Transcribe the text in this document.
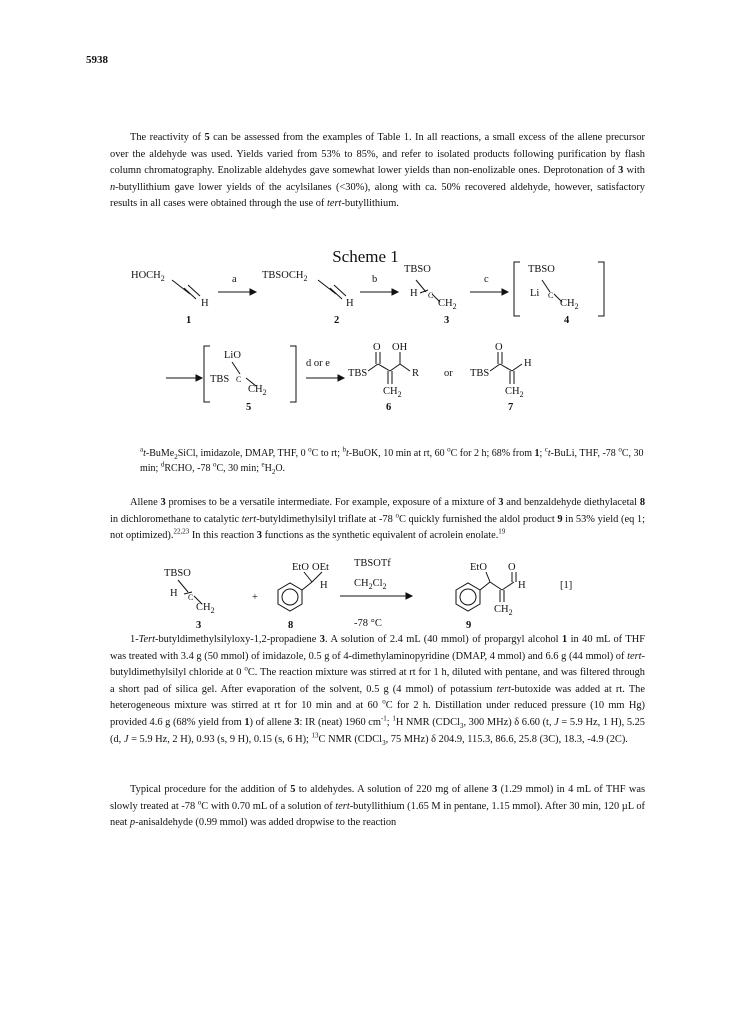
5938

The reactivity of 5 can be assessed from the examples of Table 1. In all reactions, a small excess of the allene precursor over the aldehyde was used. Yields varied from 53% to 85%, and refer to isolated products following purification by flash column chromatography. Enolizable aldehydes gave somewhat lower yields than non-enolizable ones. Deprotonation of 3 with n-butyllithium gave lower yields of the acylsilanes (<30%), along with ca. 50% recovered aldehyde, however, satisfactory results in all cases were obtained through the use of tert-butyllithium.

Scheme 1
$HOCH_2$
H
1
a $TBSOCH_2$
H
2
b
TBSO
H C
$CH_2$
3
c
TBSO
Li C
$CH_2$
4
LiO
TBS C
$CH_2$
5
d or e
O OH
TBS	R
$CH_2$
6
or
O
TBS
H
$CH_2$
7

$^a$t-BuMe$_2$SiCl, imidazole, DMAP, THF, 0 $^o$C to rt; $^b$t-BuOK, 10 min at rt, 60 $^o$C for 2 h; 68% from 1; $^c$t-BuLi, THF, -78 $^o$C, 30 min; $^d$RCHO, -78 $^o$C, 30 min; $^eH_2O$.

Allene 3 promises to be a versatile intermediate. For example, exposure of a mixture of 3 and benzaldehyde diethylacetal 8 in dichloromethane to catalytic tert-butyldimethylsilyl triflate at -78 $^o$C quickly furnished the aldol product 9 in 53% yield (eq 1; not optimized).$^{22,23}$ In this reaction 3 functions as the synthetic equivalent of acrolein enolate.$^{19}$

TBSO
H C
$CH_2$
3
+
EtO OEt
H
8
TBSOTf
$CH_2Cl_2$
-78 °C
EtO O
H
$CH_2$
9
[1]

1-Tert-butyldimethylsilyloxy-1,2-propadiene 3. A solution of 2.4 mL (40 mmol) of propargyl alcohol 1 in 40 mL of THF was treated with 3.4 g (50 mmol) of imidazole, 0.5 g of 4-dimethylaminopyridine (DMAP, 4 mmol) and 6.6 g (44 mmol) of tert-butyldimethylsilyl chloride at 0 $^o$C. The reaction mixture was stirred at rt for 1 h, diluted with pentane, and was filtered through a short pad of silica gel. After evaporation of the solvent, 0.5 g (4 mmol) of potassium tert-butoxide was added at rt. The heterogeneous mixture was stirred at rt for 10 min and at 60 $^o$C for 2 h. Distillation under reduced pressure (10 mm Hg) provided 4.6 g (68% yield from 1) of allene 3: IR (neat) 1960 $cm^{-1}$; $^1$H NMR (CDCl$_3$, 300 MHz) δ 6.60 (t, J = 5.9 Hz, 1 H), 5.25 (d, J = 5.9 Hz, 2 H), 0.93 (s, 9 H), 0.15 (s, 6 H); $^{13}$C NMR (CDCl$_3$, 75 MHz) δ 204.9, 115.3, 86.6, 25.8 (3C), 18.3, -4.9 (2C).

Typical procedure for the addition of 5 to aldehydes. A solution of 220 mg of allene 3 (1.29 mmol) in 4 mL of THF was slowly treated at -78 $^o$C with 0.70 mL of a solution of tert-butyllithium (1.65 M in pentane, 1.15 mmol). After 30 min, 120 µL of neat p-anisaldehyde (0.99 mmol) was added dropwise to the reaction
